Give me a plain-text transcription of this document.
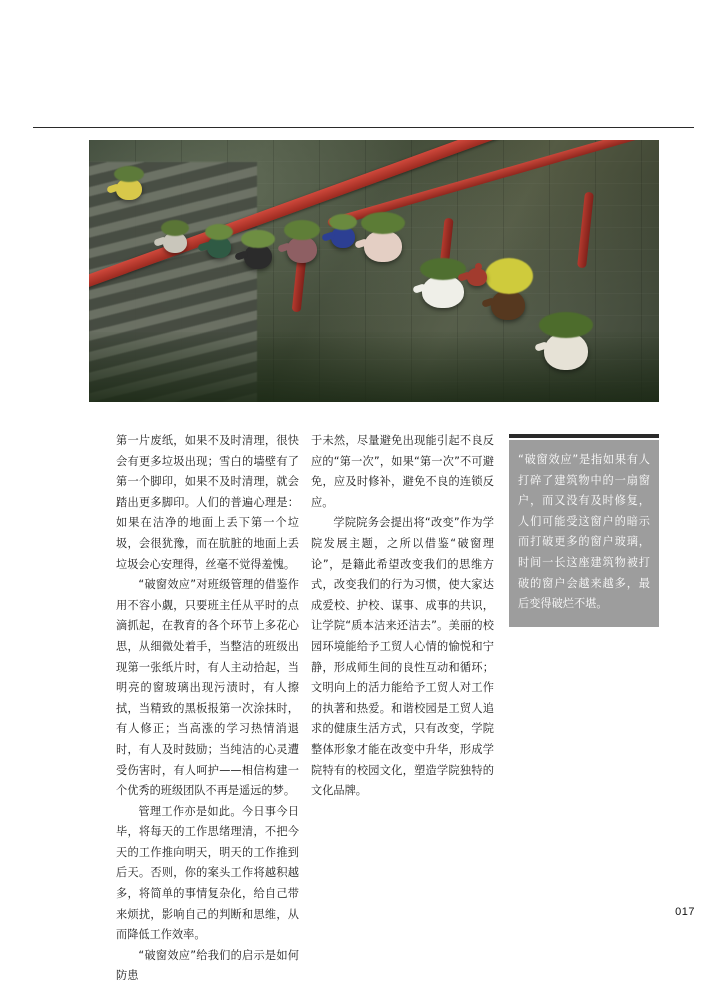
第一片废纸，如果不及时清理，很快会有更多垃圾出现；雪白的墙壁有了第一个脚印，如果不及时清理，就会踏出更多脚印。人们的普遍心理是：如果在洁净的地面上丢下第一个垃圾，会很犹豫，而在肮脏的地面上丢垃圾会心安理得，丝毫不觉得羞愧。

“破窗效应”对班级管理的借鉴作用不容小觑，只要班主任从平时的点滴抓起，在教育的各个环节上多花心思，从细微处着手，当整洁的班级出现第一张纸片时，有人主动拾起，当明亮的窗玻璃出现污渍时，有人擦拭，当精致的黑板报第一次涂抹时，有人修正；当高涨的学习热情消退时，有人及时鼓励；当纯洁的心灵遭受伤害时，有人呵护——相信构建一个优秀的班级团队不再是遥远的梦。

管理工作亦是如此。今日事今日毕，将每天的工作思绪理清，不把今天的工作推向明天，明天的工作推到后天。否则，你的案头工作将越积越多，将简单的事情复杂化，给自己带来烦扰，影响自己的判断和思维，从而降低工作效率。

“破窗效应”给我们的启示是如何防患

于未然，尽量避免出现能引起不良反应的“第一次”，如果“第一次”不可避免，应及时修补，避免不良的连锁反应。

学院院务会提出将“改变”作为学院发展主题，之所以借鉴“破窗理论”，是籍此希望改变我们的思维方式，改变我们的行为习惯，使大家达成爱校、护校、谋事、成事的共识，让学院“质本洁来还洁去”。美丽的校园环境能给予工贸人心情的愉悦和宁静，形成师生间的良性互动和循环；文明向上的活力能给予工贸人对工作的执著和热爱。和谐校园是工贸人追求的健康生活方式，只有改变，学院整体形象才能在改变中升华，形成学院特有的校园文化，塑造学院独特的文化品牌。

“破窗效应”是指如果有人打碎了建筑物中的一扇窗户，而又没有及时修复，人们可能受这窗户的暗示而打破更多的窗户玻璃，时间一长这座建筑物被打破的窗户会越来越多，最后变得破烂不堪。
017
